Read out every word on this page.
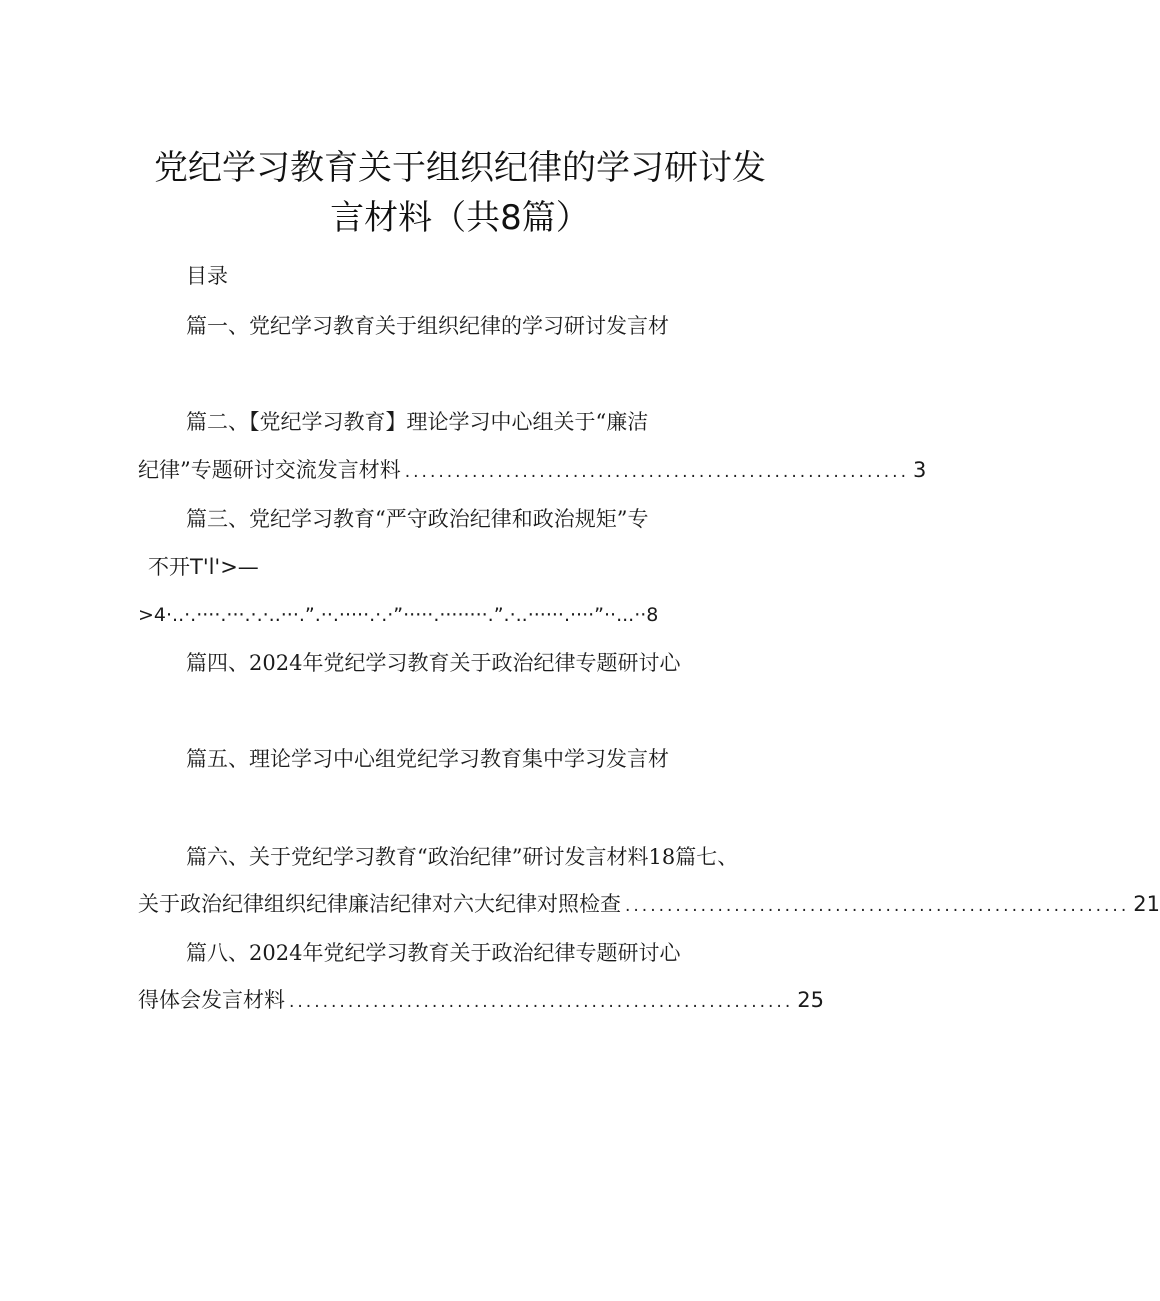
党纪学习教育关于组织纪律的学习研讨发
言材料（共8篇）
目录
篇一、党纪学习教育关于组织纪律的学习研讨发言材
篇二、【党纪学习教育】理论学习中心组关于“廉洁
纪律”专题研讨交流发言材料 ............................................................ 3
篇三、党纪学习教育“严守政治纪律和政治规矩”专
不开T'l'>—
>4·..·.····.···.·.·..···.”.··.·····.·.·”·····.········.”.·..······.····”··...··8
篇四、2024年党纪学习教育关于政治纪律专题研讨心
篇五、理论学习中心组党纪学习教育集中学习发言材
篇六、关于党纪学习教育“政治纪律”研讨发言材料18篇七、
关于政治纪律组织纪律廉洁纪律对六大纪律对照检查 ............................................................ 21
篇八、2024年党纪学习教育关于政治纪律专题研讨心
得体会发言材料 ............................................................ 25
